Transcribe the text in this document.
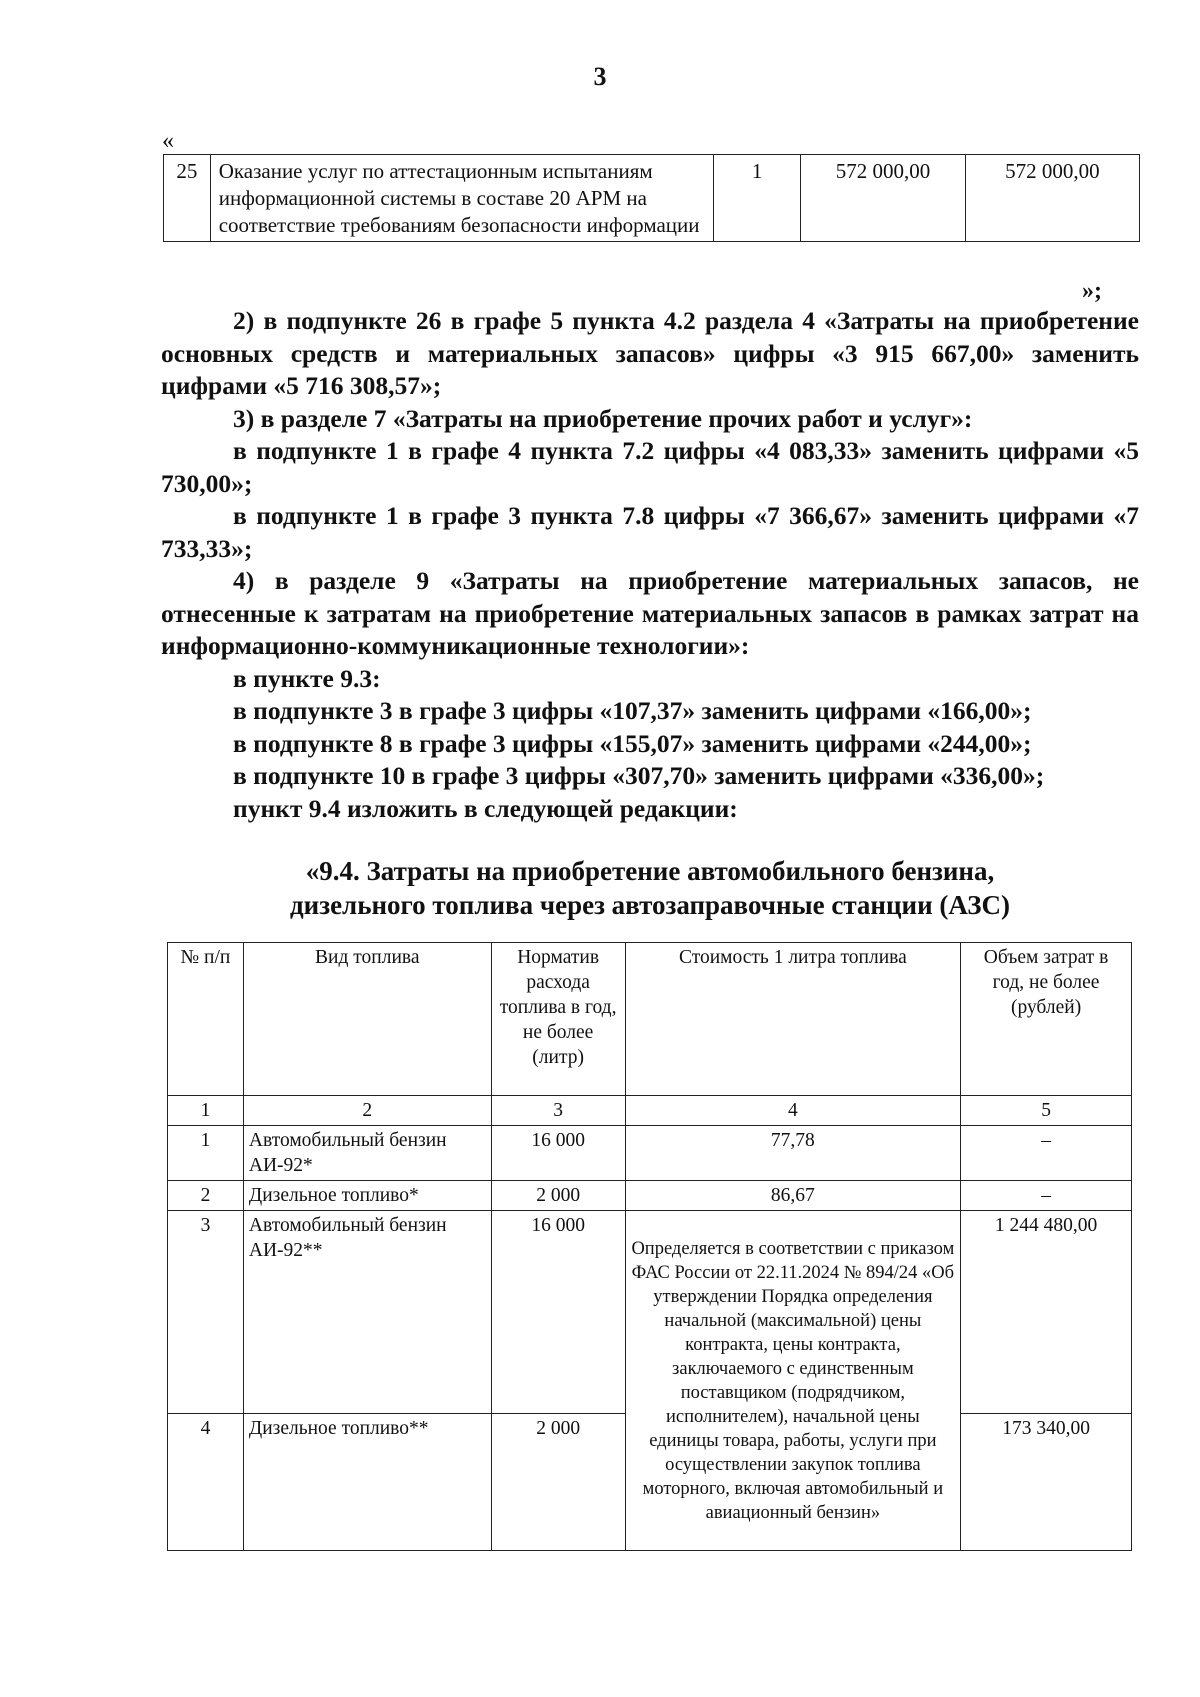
3
«
25	Оказание услуг по аттестационным испытаниям информационной системы в составе 20 АРМ на соответствие требованиям безопасности информации	1	572 000,00	572 000,00
»;

2) в подпункте 26 в графе 5 пункта 4.2 раздела 4 «Затраты на приобретение основных средств и материальных запасов» цифры «3 915 667,00» заменить цифрами «5 716 308,57»;

3) в разделе 7 «Затраты на приобретение прочих работ и услуг»:

в подпункте 1 в графе 4 пункта 7.2 цифры «4 083,33» заменить цифрами «5 730,00»;

в подпункте 1 в графе 3 пункта 7.8 цифры «7 366,67» заменить цифрами «7 733,33»;

4) в разделе 9 «Затраты на приобретение материальных запасов, не отнесенные к затратам на приобретение материальных запасов в рамках затрат на информационно-коммуникационные технологии»:

в пункте 9.3:

в подпункте 3 в графе 3 цифры «107,37» заменить цифрами «166,00»;

в подпункте 8 в графе 3 цифры «155,07» заменить цифрами «244,00»;

в подпункте 10 в графе 3 цифры «307,70» заменить цифрами «336,00»;

пункт 9.4 изложить в следующей редакции:

«9.4. Затраты на приобретение автомобильного бензина,
дизельного топлива через автозаправочные станции (АЗС)
№ п/п	Вид топлива	Норматив расхода топлива в год, не более (литр)	Стоимость 1 литра топлива	Объем затрат в год, не более (рублей)
1	2	3	4	5
1	Автомобильный бензин АИ-92*	16 000	77,78	–
2	Дизельное топливо*	2 000	86,67	–
3	Автомобильный бензин АИ-92**	16 000	Определяется в соответствии с приказом ФАС России от 22.11.2024 № 894/24 «Об утверждении Порядка определения начальной (максимальной) цены контракта, цены контракта, заключаемого с единственным поставщиком (подрядчиком, исполнителем), начальной цены единицы товара, работы, услуги при осуществлении закупок топлива моторного, включая автомобильный и авиационный бензин»	1 244 480,00
4	Дизельное топливо**	2 000		173 340,00
